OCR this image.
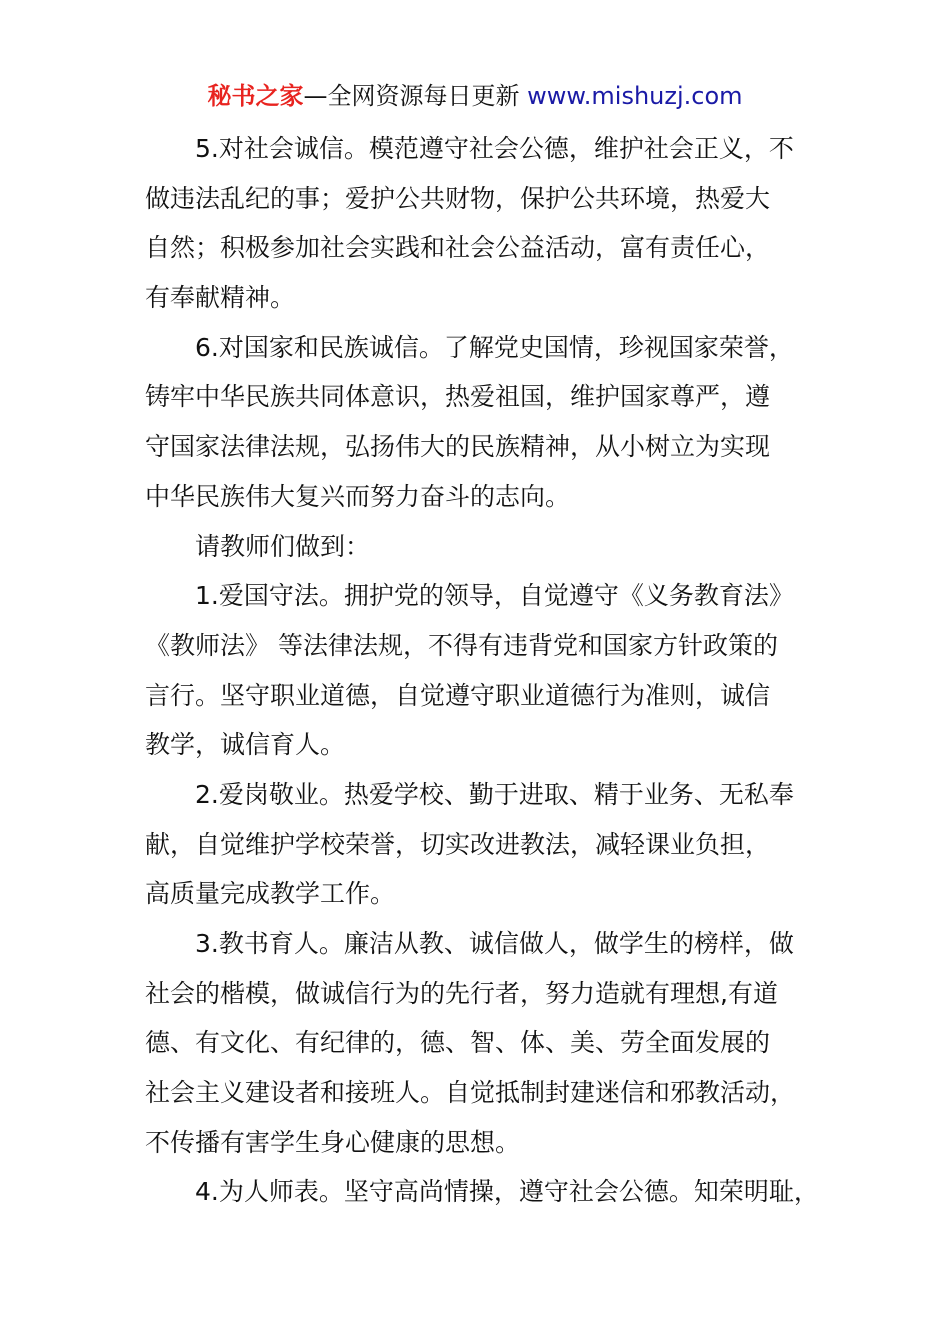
秘书之家—全网资源每日更新 www.mishuzj.com
5.对社会诚信。模范遵守社会公德，维护社会正义，不
做违法乱纪的事；爱护公共财物，保护公共环境，热爱大
自然；积极参加社会实践和社会公益活动，富有责任心，
有奉献精神。
6.对国家和民族诚信。了解党史国情，珍视国家荣誉，
铸牢中华民族共同体意识，热爱祖国，维护国家尊严，遵
守国家法律法规，弘扬伟大的民族精神，从小树立为实现
中华民族伟大复兴而努力奋斗的志向。
请教师们做到：
1.爱国守法。拥护党的领导，自觉遵守《义务教育法》
《教师法》 等法律法规，不得有违背党和国家方针政策的
言行。坚守职业道德，自觉遵守职业道德行为准则，诚信
教学，诚信育人。
2.爱岗敬业。热爱学校、勤于进取、精于业务、无私奉
献，自觉维护学校荣誉，切实改进教法，减轻课业负担，
高质量完成教学工作。
3.教书育人。廉洁从教、诚信做人，做学生的榜样，做
社会的楷模，做诚信行为的先行者，努力造就有理想,有道
德、有文化、有纪律的，德、智、体、美、劳全面发展的
社会主义建设者和接班人。自觉抵制封建迷信和邪教活动，
不传播有害学生身心健康的思想。
4.为人师表。坚守高尚情操，遵守社会公德。知荣明耻，
